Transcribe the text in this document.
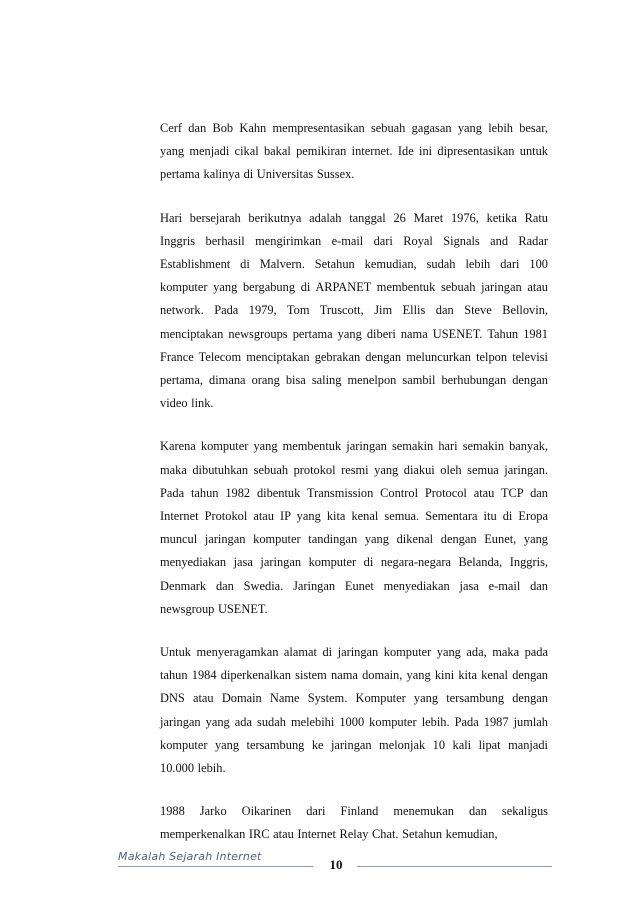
Cerf dan Bob Kahn mempresentasikan sebuah gagasan yang lebih besar, yang menjadi cikal bakal pemikiran internet. Ide ini dipresentasikan untuk pertama kalinya di Universitas Sussex.

Hari bersejarah berikutnya adalah tanggal 26 Maret 1976, ketika Ratu Inggris berhasil mengirimkan e-mail dari Royal Signals and Radar Establishment di Malvern. Setahun kemudian, sudah lebih dari 100 komputer yang bergabung di ARPANET membentuk sebuah jaringan atau network. Pada 1979, Tom Truscott, Jim Ellis dan Steve Bellovin, menciptakan newsgroups pertama yang diberi nama USENET. Tahun 1981 France Telecom menciptakan gebrakan dengan meluncurkan telpon televisi pertama, dimana orang bisa saling menelpon sambil berhubungan dengan video link.

Karena komputer yang membentuk jaringan semakin hari semakin banyak, maka dibutuhkan sebuah protokol resmi yang diakui oleh semua jaringan. Pada tahun 1982 dibentuk Transmission Control Protocol atau TCP dan Internet Protokol atau IP yang kita kenal semua. Sementara itu di Eropa muncul jaringan komputer tandingan yang dikenal dengan Eunet, yang menyediakan jasa jaringan komputer di negara-negara Belanda, Inggris, Denmark dan Swedia. Jaringan Eunet menyediakan jasa e-mail dan newsgroup USENET.

Untuk menyeragamkan alamat di jaringan komputer yang ada, maka pada tahun 1984 diperkenalkan sistem nama domain, yang kini kita kenal dengan DNS atau Domain Name System. Komputer yang tersambung dengan jaringan yang ada sudah melebihi 1000 komputer lebih. Pada 1987 jumlah komputer yang tersambung ke jaringan melonjak 10 kali lipat manjadi 10.000 lebih.

1988 Jarko Oikarinen dari Finland menemukan dan sekaligus memperkenalkan IRC atau Internet Relay Chat. Setahun kemudian,

Makalah Sejarah Internet
10
